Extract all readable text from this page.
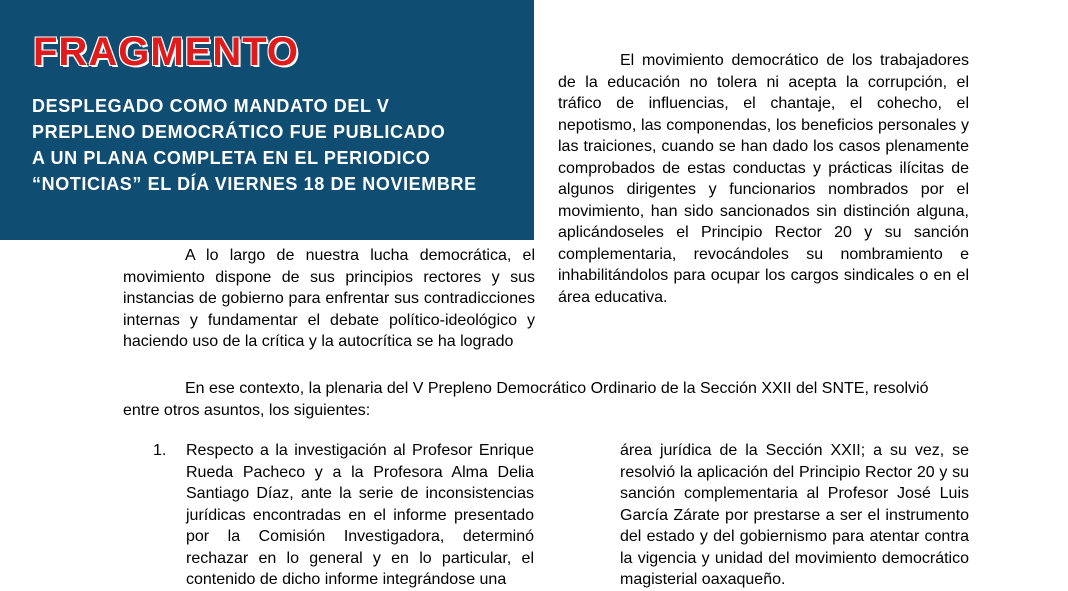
FRAGMENTO
DESPLEGADO COMO MANDATO DEL V
PREPLENO DEMOCRÁTICO FUE PUBLICADO
A UN PLANA COMPLETA EN EL PERIODICO
“NOTICIAS” EL DÍA VIERNES 18 DE NOVIEMBRE

El movimiento democrático de los trabajadores de la educación no tolera ni acepta la corrupción, el tráfico de influencias, el chantaje, el cohecho, el nepotismo, las componendas, los beneficios personales y las traiciones, cuando se han dado los casos plenamente comprobados de estas conductas y prácticas ilícitas de algunos dirigentes y funcionarios nombrados por el movimiento, han sido sancionados sin distinción alguna, aplicándoseles el Principio Rector 20 y su sanción complementaria, revocándoles su nombramiento e inhabilitándolos para ocupar los cargos sindicales o en el área educativa.

A lo largo de nuestra lucha democrática, el movimiento dispone de sus principios rectores y sus instancias de gobierno para enfrentar sus contradicciones internas y fundamentar el debate político-ideológico y haciendo uso de la crítica y la autocrítica se ha logrado

En ese contexto, la plenaria del V Prepleno Democrático Ordinario de la Sección XXII del SNTE, resolvió entre otros asuntos, los siguientes:

1. Respecto a la investigación al Profesor Enrique Rueda Pacheco y a la Profesora Alma Delia Santiago Díaz, ante la serie de inconsistencias jurídicas encontradas en el informe presentado por la Comisión Investigadora, determinó rechazar en lo general y en lo particular, el contenido de dicho informe integrándose una

área jurídica de la Sección XXII; a su vez, se resolvió la aplicación del Principio Rector 20 y su sanción complementaria al Profesor José Luis García Zárate por prestarse a ser el instrumento del estado y del gobiernismo para atentar contra la vigencia y unidad del movimiento democrático magisterial oaxaqueño.
